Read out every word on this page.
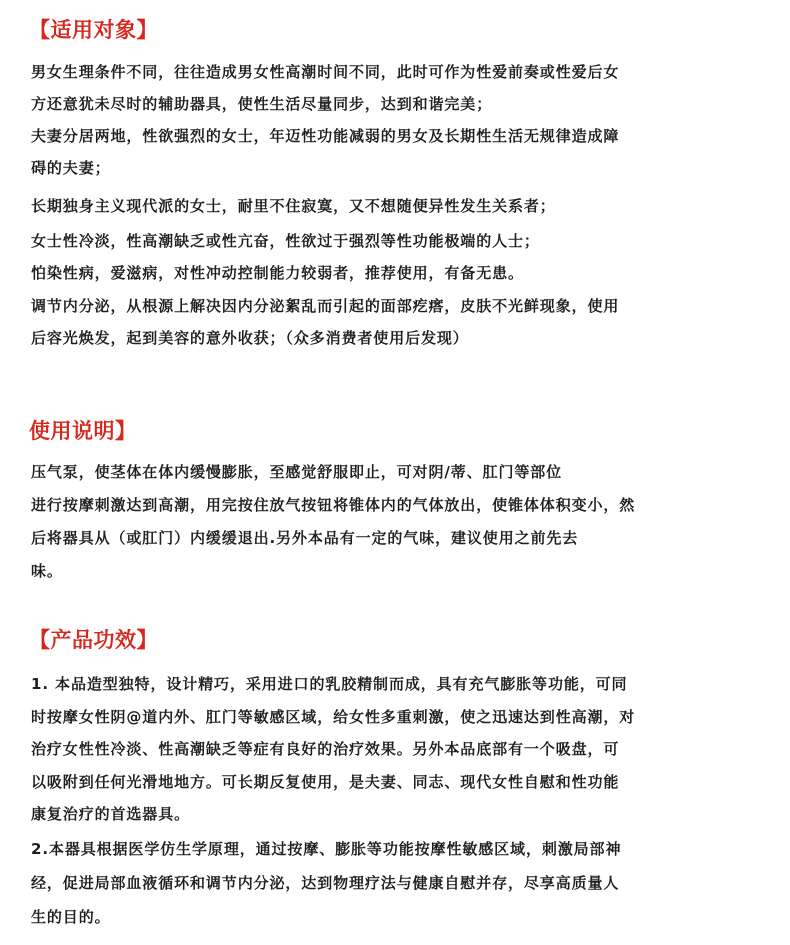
【适用对象】
男女生理条件不同，往往造成男女性高潮时间不同，此时可作为性爱前奏或性爱后女
方还意犹未尽时的辅助器具，使性生活尽量同步，达到和谐完美；
夫妻分居两地，性欲强烈的女士，年迈性功能减弱的男女及长期性生活无规律造成障
碍的夫妻；
长期独身主义现代派的女士，耐里不住寂寞，又不想随便异性发生关系者；
女士性冷淡，性高潮缺乏或性亢奋，性欲过于强烈等性功能极端的人士；
怕染性病，爱滋病，对性冲动控制能力较弱者，推荐使用，有备无患。
调节内分泌，从根源上解决因内分泌絮乱而引起的面部疙瘩，皮肤不光鲜现象，使用
后容光焕发，起到美容的意外收获；（众多消费者使用后发现）
使用说明】
压气泵，使茎体在体内缓慢膨胀，至感觉舒服即止，可对阴/蒂、肛门等部位
进行按摩刺激达到高潮，用完按住放气按钮将锥体内的气体放出，使锥体体积变小，然
后将器具从（或肛门）内缓缓退出.另外本品有一定的气味，建议使用之前先去
味。
【产品功效】
1. 本品造型独特，设计精巧，采用进口的乳胶精制而成，具有充气膨胀等功能，可同
时按摩女性阴@道内外、肛门等敏感区域，给女性多重刺激，使之迅速达到性高潮，对
治疗女性性冷淡、性高潮缺乏等症有良好的治疗效果。另外本品底部有一个吸盘，可
以吸附到任何光滑地地方。可长期反复使用，是夫妻、同志、现代女性自慰和性功能
康复治疗的首选器具。
2.本器具根据医学仿生学原理，通过按摩、膨胀等功能按摩性敏感区域，刺激局部神
经，促进局部血液循环和调节内分泌，达到物理疗法与健康自慰并存，尽享高质量人
生的目的。
